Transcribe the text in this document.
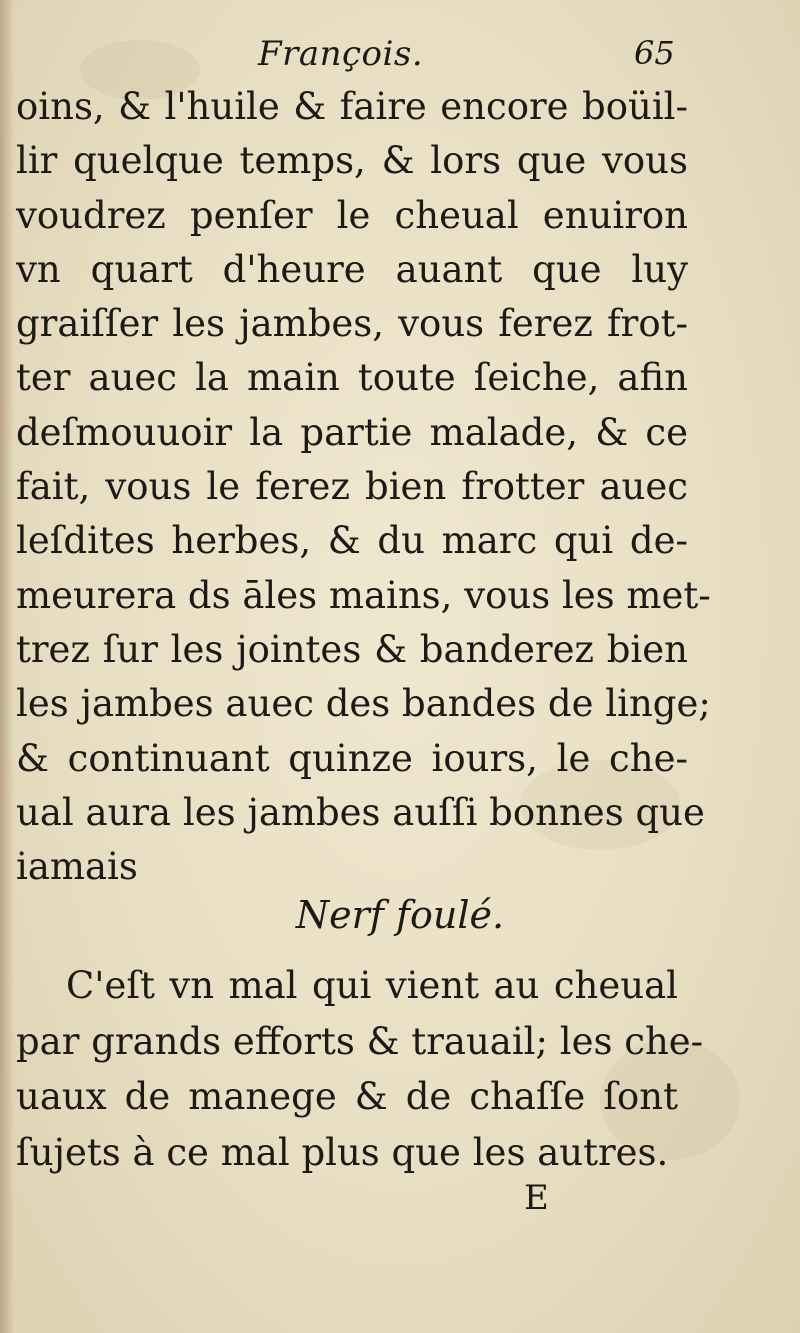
François.	65
oins, & l'huile & faire encore boüil-
lir quelque temps, & lors que vous
voudrez penſer le cheual enuiron
vn quart d'heure auant que luy
graiſſer les jambes, vous ferez frot-
ter auec la main toute ſeiche, afin
deſmouuoir la partie malade, & ce
fait, vous le ferez bien frotter auec
leſdites herbes, & du marc qui de-
meurera ds āles mains, vous les met-
trez ſur les jointes & banderez bien
les jambes auec des bandes de linge;
& continuant quinze iours, le che-
ual aura les jambes auſſi bonnes que
iamais
Nerf foulé.
C'eſt vn mal qui vient au cheual
par grands efforts & trauail; les che-
uaux de manege & de chaſſe ſont
ſujets à ce mal plus que les autres.
E
